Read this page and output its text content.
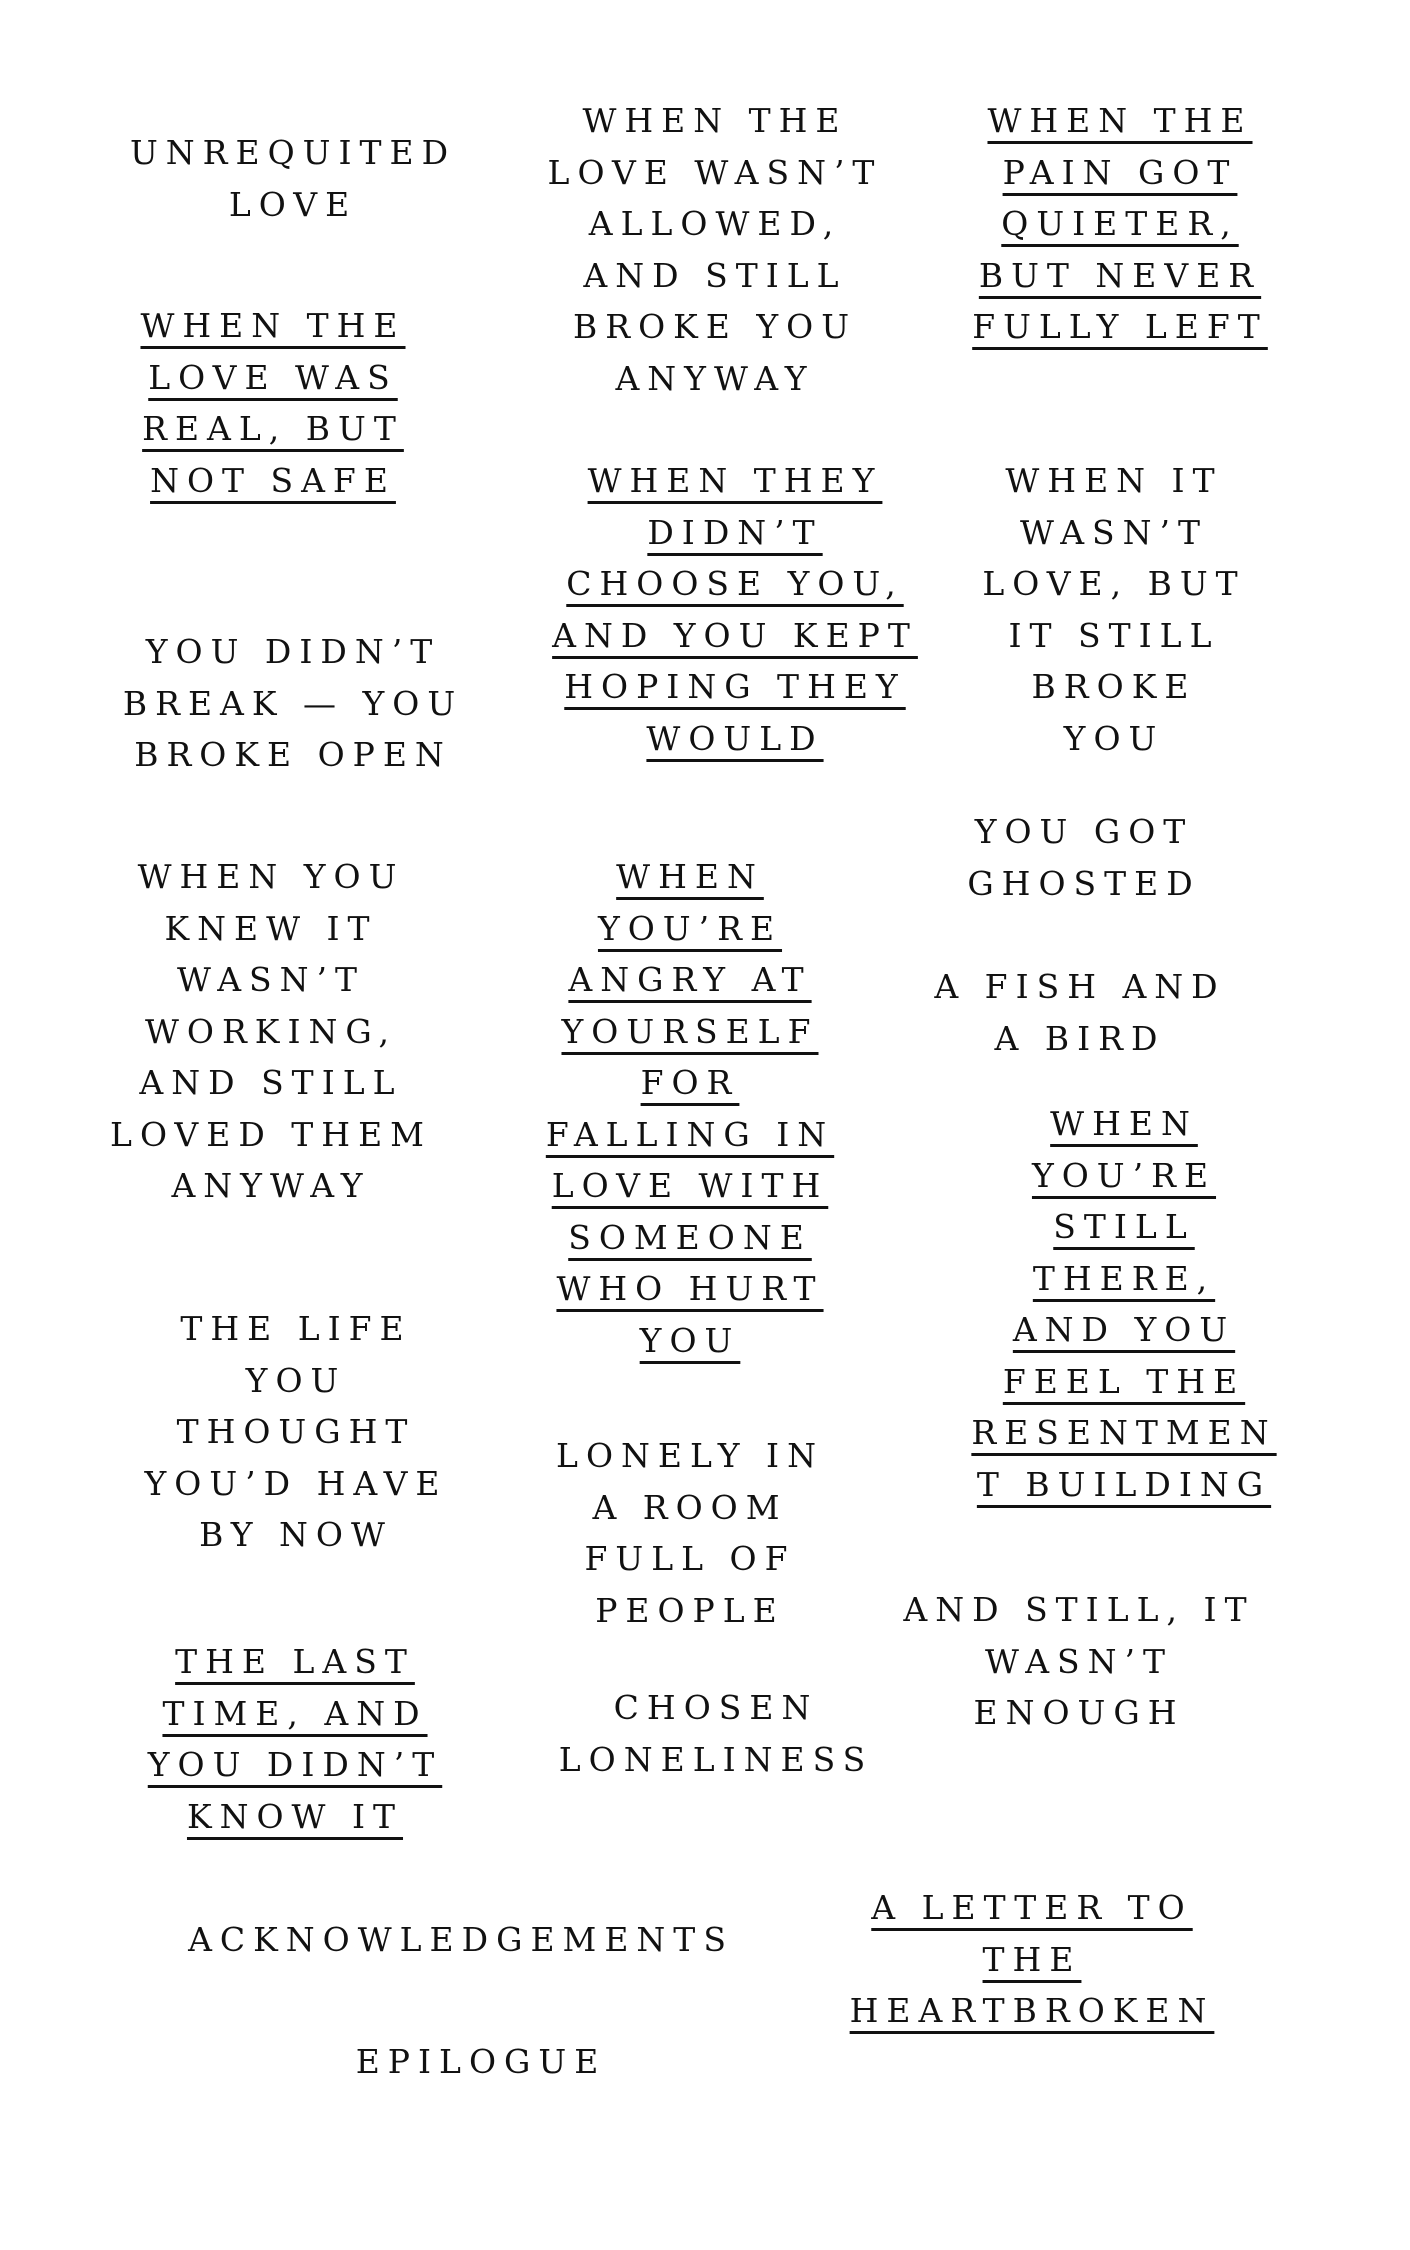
UNREQUITED
LOVE
WHEN THE
LOVE WAS
REAL, BUT
NOT SAFE
YOU DIDN’T
BREAK — YOU
BROKE OPEN
WHEN YOU
KNEW IT
WASN’T
WORKING,
AND STILL
LOVED THEM
ANYWAY
THE LIFE
YOU
THOUGHT
YOU’D HAVE
BY NOW
THE LAST
TIME, AND
YOU DIDN’T
KNOW IT
WHEN THE
LOVE WASN’T
ALLOWED,
AND STILL
BROKE YOU
ANYWAY
WHEN THEY
DIDN’T
CHOOSE YOU,
AND YOU KEPT
HOPING THEY
WOULD
WHEN
YOU’RE
ANGRY AT
YOURSELF
FOR
FALLING IN
LOVE WITH
SOMEONE
WHO HURT
YOU
LONELY IN
A ROOM
FULL OF
PEOPLE
CHOSEN
LONELINESS
WHEN THE
PAIN GOT
QUIETER,
BUT NEVER
FULLY LEFT
WHEN IT
WASN’T
LOVE, BUT
IT STILL
BROKE
YOU
YOU GOT
GHOSTED
A FISH AND
A BIRD
WHEN
YOU’RE
STILL
THERE,
AND YOU
FEEL THE
RESENTMEN
T BUILDING
AND STILL, IT
WASN’T
ENOUGH
ACKNOWLEDGEMENTS
A LETTER TO
THE
HEARTBROKEN
EPILOGUE
